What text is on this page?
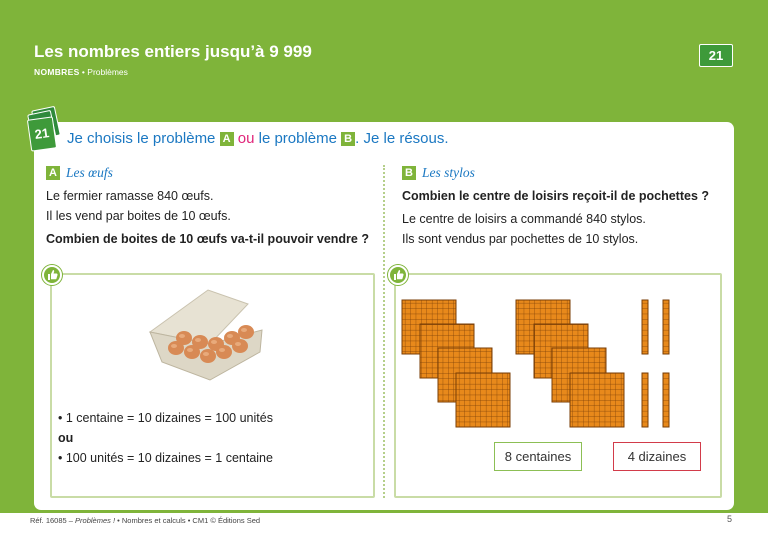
Les nombres entiers jusqu’à 9 999
NOMBRES • Problèmes
21
21	Je choisis le problème A ou le problème B . Je le résous.
A Les œufs
Le fermier ramasse 840 œufs.
Il les vend par boites de 10 œufs.
Combien de boites de 10 œufs va-t-il pouvoir vendre ?
• 1 centaine = 10 dizaines = 100 unités
ou
• 100 unités = 10 dizaines = 1 centaine
B Les stylos
Combien le centre de loisirs reçoit-il de pochettes ?
Le centre de loisirs a commandé 840 stylos.
Ils sont vendus par pochettes de 10 stylos.
8 centaines	4 dizaines
Réf. 16085 – Problèmes ! • Nombres et calculs • CM1 © Éditions Sed	5
